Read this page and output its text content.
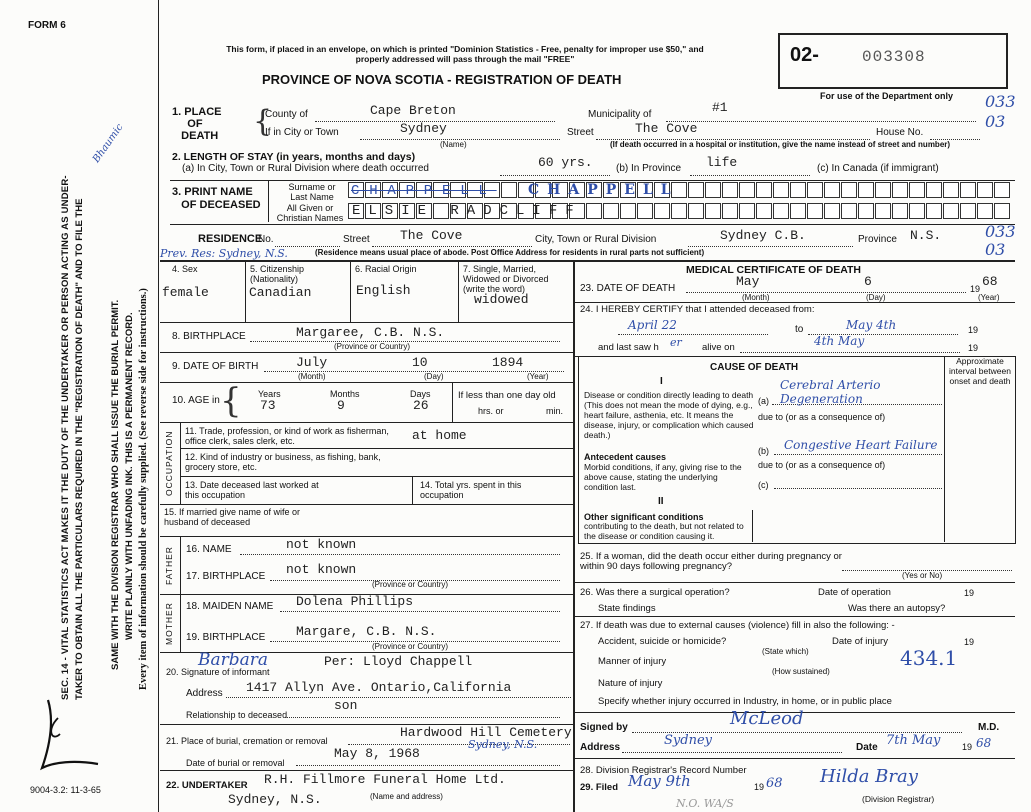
FORM 6
SEC. 14 - VITAL STATISTICS ACT MAKES IT THE DUTY OF THE UNDERTAKER OR PERSON ACTING AS UNDER- TAKER TO OBTAIN ALL THE PARTICULARS REQUIRED IN THE "REGISTRATION OF DEATH" AND TO FILE THE	SAME WITH THE DIVISION REGISTRAR WHO SHALL ISSUE THE BURIAL PERMIT. WRITE PLAINLY WITH UNFADING INK. THIS IS A PERMANENT RECORD. Every item of information should be carefully supplied. (See reverse side for instructions.)
Bhaumic
9004-3.2: 11-3-65
This form, if placed in an envelope, on which is printed "Dominion Statistics - Free, penalty for improper use $50," and properly addressed will pass through the mail "FREE"
PROVINCE OF NOVA SCOTIA - REGISTRATION OF DEATH
02-	003308
For use of the Department only 033
03
1. PLACE
OF
DEATH	{
County of	Cape Breton	Municipality of	#1
If in City or Town	Sydney	Street	The Cove	House No.
(Name)	(If death occurred in a hospital or institution, give the name instead of street and number)
2. LENGTH OF STAY (in years, months and days)
(a) In City, Town or Rural Division where death occurred	60 yrs. (b) In Province life	(c) In Canada (if immigrant)
3. PRINT NAME
OF DECEASED
Surname or Last Name
All Given or Christian Names
CHAPPELL CHAPPELL
ELSIE RADCLIFF
RESIDENCE
No.	Street The Cove	City, Town or Rural Division	Sydney C.B.	Province N.S.	033
03
Prev. Res: Sydney, N.S.	(Residence means usual place of abode. Post Office Address for residents in rural parts not sufficient)
4. Sex
female
5. Citizenship (Nationality)
Canadian
6. Racial Origin
English
7. Single, Married, Widowed or Divorced (write the word)
widowed
8. BIRTHPLACE	Margaree, C.B. N.S.
(Province or Country)
9. DATE OF BIRTH	July	10	1894
(Month)	(Day)	(Year)
10. AGE in { Years	Months	Days
73	9	26
If less than one day old
hrs. or	min.
OCCUPATION 11. Trade, profession, or kind of work as fisherman, office clerk, sales clerk, etc.	at home
12. Kind of industry or business, as fishing, bank, grocery store, etc.
13. Date deceased last worked at this occupation
14. Total yrs. spent in this occupation
15. If married give name of wife or husband of deceased
FATHER 16. NAME	not known
17. BIRTHPLACE not known
(Province or Country)
MOTHER 18. MAIDEN NAME Dolena Phillips
19. BIRTHPLACE Margare, C.B. N.S.
(Province or Country)
20. Signature of informant
Barbara	Per: Lloyd Chappell
Address 1417 Allyn Ave. Ontario,California
Relationship to deceased
son
21. Place of burial, cremation or removal
Hardwood Hill Cemetery
Sydney, N.S.
Date of burial or removal
May 8, 1968
22. UNDERTAKER R.H. Fillmore Funeral Home Ltd.
Sydney, N.S.	(Name and address)
MEDICAL CERTIFICATE OF DEATH
23. DATE OF DEATH	May	6	68
19
(Month)	(Day)	(Year)
24. I HEREBY CERTIFY that I attended deceased from:
April 22	to	May 4th	19
and last saw h er alive on	4th May	19
CAUSE OF DEATH
Approximate interval between onset and death
I
Disease or condition directly leading to death (This does not mean the mode of dying, e.g., heart failure, asthenia, etc. It means the disease, injury, or complication which caused death.)
(a)
Cerebral Arterio Degeneration
due to (or as a consequence of)
Antecedent causes
Morbid conditions, if any, giving rise to the above cause, stating the underlying condition last.
(b) Congestive Heart Failure
due to (or as a consequence of)
(c)
II
Other significant conditions
contributing to the death, but not related to the disease or condition causing it.
25. If a woman, did the death occur either during pregnancy or within 90 days following pregnancy?
(Yes or No)
26. Was there a surgical operation?	Date of operation	19
State findings	Was there an autopsy?
27. If death was due to external causes (violence) fill in also the following: -
Accident, suicide or homicide?
(State which)
Date of injury	19
Manner of injury	434.1
(How sustained)
Nature of injury
Specify whether injury occurred in Industry, in home, or in public place
Signed by	McLeod	M.D.
Address	Sydney	Date 7th May 19 68
28. Division Registrar's Record Number
29. Filed May 9th	19 68 Hilda Bray
(Division Registrar)
N.O. WA/S
